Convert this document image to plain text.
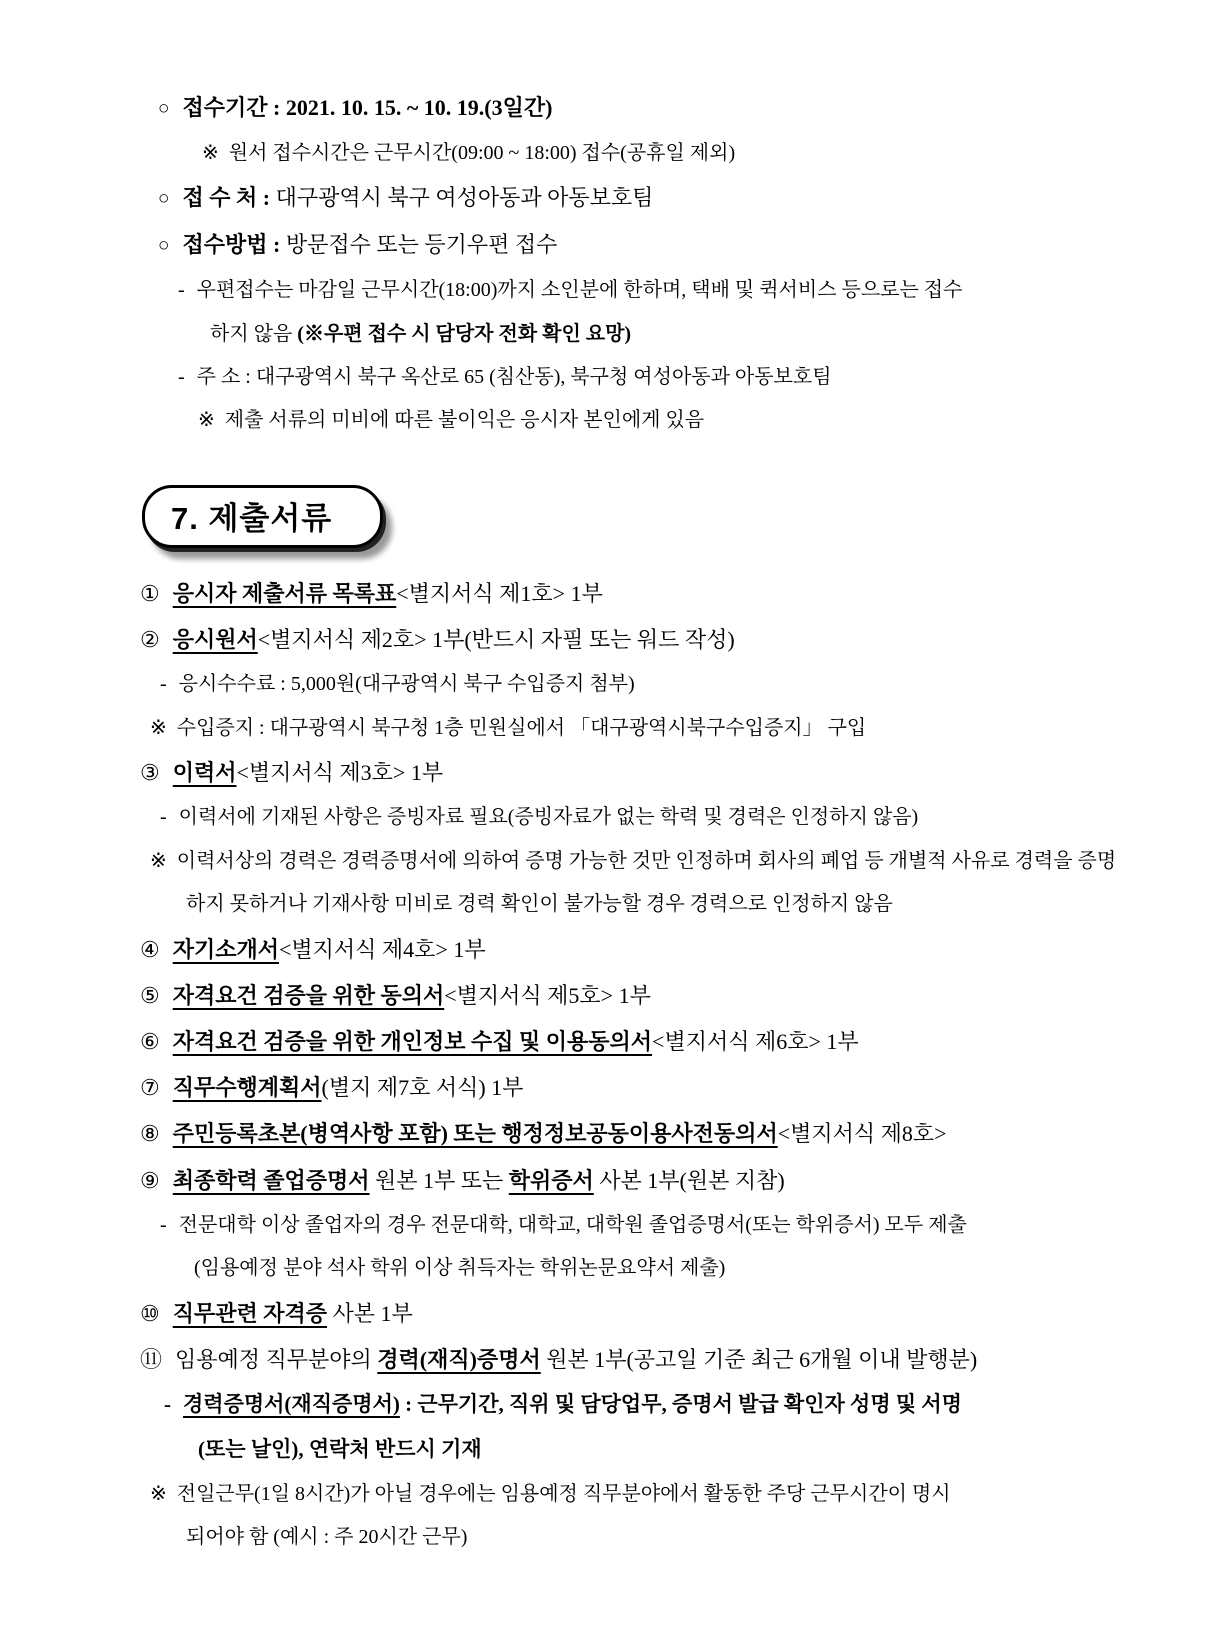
○ 접수기간 : 2021. 10. 15. ~ 10. 19.(3일간)

※ 원서 접수시간은 근무시간(09:00 ~ 18:00) 접수(공휴일 제외)

○ 접 수 처 : 대구광역시 북구 여성아동과 아동보호팀

○ 접수방법 : 방문접수 또는 등기우편 접수

- 우편접수는 마감일 근무시간(18:00)까지 소인분에 한하며, 택배 및 퀵서비스 등으로는 접수

하지 않음 (※우편 접수 시 담당자 전화 확인 요망)

- 주 소 : 대구광역시 북구 옥산로 65 (침산동), 북구청 여성아동과 아동보호팀

※ 제출 서류의 미비에 따른 불이익은 응시자 본인에게 있음

7. 제출서류

① 응시자 제출서류 목록표<별지서식 제1호> 1부

② 응시원서<별지서식 제2호> 1부(반드시 자필 또는 워드 작성)

- 응시수수료 : 5,000원(대구광역시 북구 수입증지 첨부)

※ 수입증지 : 대구광역시 북구청 1층 민원실에서 「대구광역시북구수입증지」 구입

③ 이력서<별지서식 제3호> 1부

- 이력서에 기재된 사항은 증빙자료 필요(증빙자료가 없는 학력 및 경력은 인정하지 않음)

※ 이력서상의 경력은 경력증명서에 의하여 증명 가능한 것만 인정하며 회사의 폐업 등 개별적 사유로 경력을 증명

하지 못하거나 기재사항 미비로 경력 확인이 불가능할 경우 경력으로 인정하지 않음

④ 자기소개서<별지서식 제4호> 1부

⑤ 자격요건 검증을 위한 동의서<별지서식 제5호> 1부

⑥ 자격요건 검증을 위한 개인정보 수집 및 이용동의서<별지서식 제6호> 1부

⑦ 직무수행계획서(별지 제7호 서식) 1부

⑧ 주민등록초본(병역사항 포함) 또는 행정정보공동이용사전동의서<별지서식 제8호>

⑨ 최종학력 졸업증명서 원본 1부 또는 학위증서 사본 1부(원본 지참)

- 전문대학 이상 졸업자의 경우 전문대학, 대학교, 대학원 졸업증명서(또는 학위증서) 모두 제출

(임용예정 분야 석사 학위 이상 취득자는 학위논문요약서 제출)

⑩ 직무관련 자격증 사본 1부

⑪ 임용예정 직무분야의 경력(재직)증명서 원본 1부(공고일 기준 최근 6개월 이내 발행분)

- 경력증명서(재직증명서) : 근무기간, 직위 및 담당업무, 증명서 발급 확인자 성명 및 서명

(또는 날인), 연락처 반드시 기재

※ 전일근무(1일 8시간)가 아닐 경우에는 임용예정 직무분야에서 활동한 주당 근무시간이 명시

되어야 함 (예시 : 주 20시간 근무)
